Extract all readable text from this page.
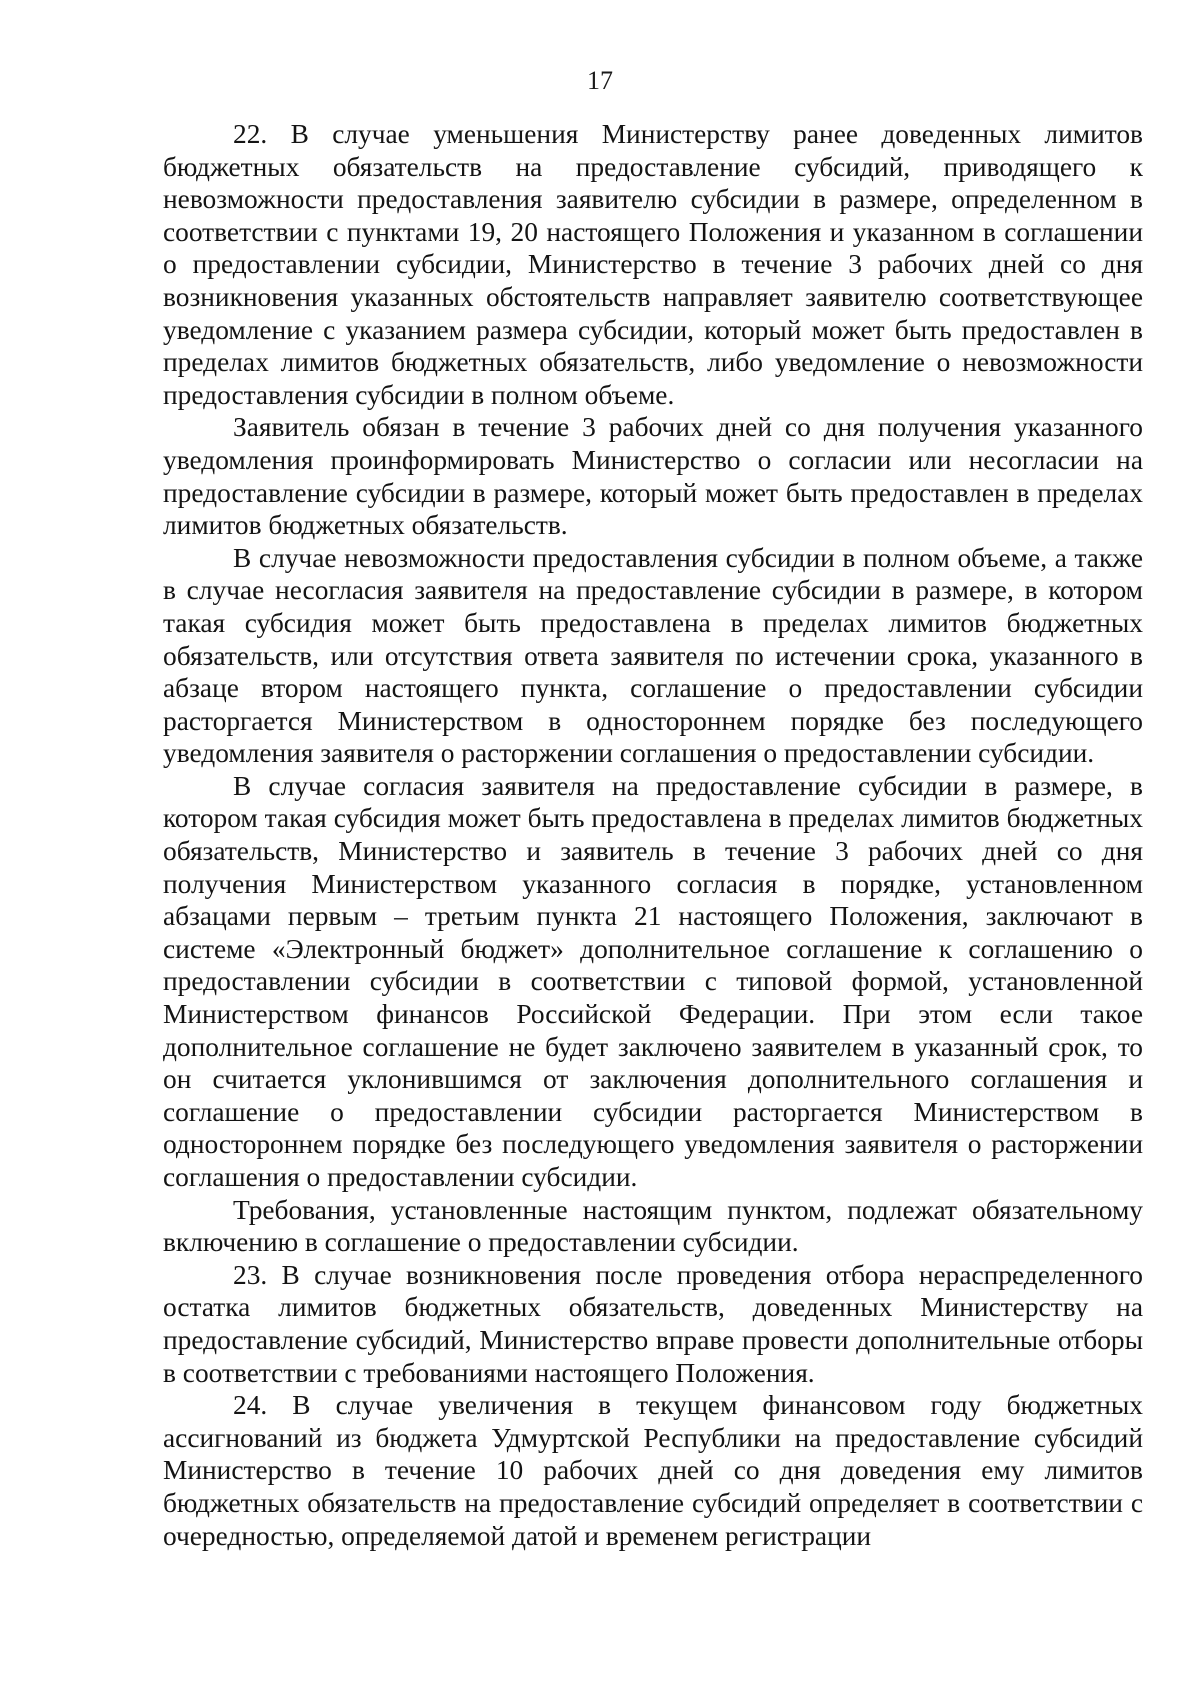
17

22. В случае уменьшения Министерству ранее доведенных лимитов бюджетных обязательств на предоставление субсидий, приводящего к невозможности предоставления заявителю субсидии в размере, определенном в соответствии с пунктами 19, 20 настоящего Положения и указанном в соглашении о предоставлении субсидии, Министерство в течение 3 рабочих дней со дня возникновения указанных обстоятельств направляет заявителю соответствующее уведомление с указанием размера субсидии, который может быть предоставлен в пределах лимитов бюджетных обязательств, либо уведомление о невозможности предоставления субсидии в полном объеме.

Заявитель обязан в течение 3 рабочих дней со дня получения указанного уведомления проинформировать Министерство о согласии или несогласии на предоставление субсидии в размере, который может быть предоставлен в пределах лимитов бюджетных обязательств.

В случае невозможности предоставления субсидии в полном объеме, а также в случае несогласия заявителя на предоставление субсидии в размере, в котором такая субсидия может быть предоставлена в пределах лимитов бюджетных обязательств, или отсутствия ответа заявителя по истечении срока, указанного в абзаце втором настоящего пункта, соглашение о предоставлении субсидии расторгается Министерством в одностороннем порядке без последующего уведомления заявителя о расторжении соглашения о предоставлении субсидии.

В случае согласия заявителя на предоставление субсидии в размере, в котором такая субсидия может быть предоставлена в пределах лимитов бюджетных обязательств, Министерство и заявитель в течение 3 рабочих дней со дня получения Министерством указанного согласия в порядке, установленном абзацами первым – третьим пункта 21 настоящего Положения, заключают в системе «Электронный бюджет» дополнительное соглашение к соглашению о предоставлении субсидии в соответствии с типовой формой, установленной Министерством финансов Российской Федерации. При этом если такое дополнительное соглашение не будет заключено заявителем в указанный срок, то он считается уклонившимся от заключения дополнительного соглашения и соглашение о предоставлении субсидии расторгается Министерством в одностороннем порядке без последующего уведомления заявителя о расторжении соглашения о предоставлении субсидии.

Требования, установленные настоящим пунктом, подлежат обязательному включению в соглашение о предоставлении субсидии.

23. В случае возникновения после проведения отбора нераспределенного остатка лимитов бюджетных обязательств, доведенных Министерству на предоставление субсидий, Министерство вправе провести дополнительные отборы в соответствии с требованиями настоящего Положения.

24. В случае увеличения в текущем финансовом году бюджетных ассигнований из бюджета Удмуртской Республики на предоставление субсидий Министерство в течение 10 рабочих дней со дня доведения ему лимитов бюджетных обязательств на предоставление субсидий определяет в соответствии с очередностью, определяемой датой и временем регистрации
